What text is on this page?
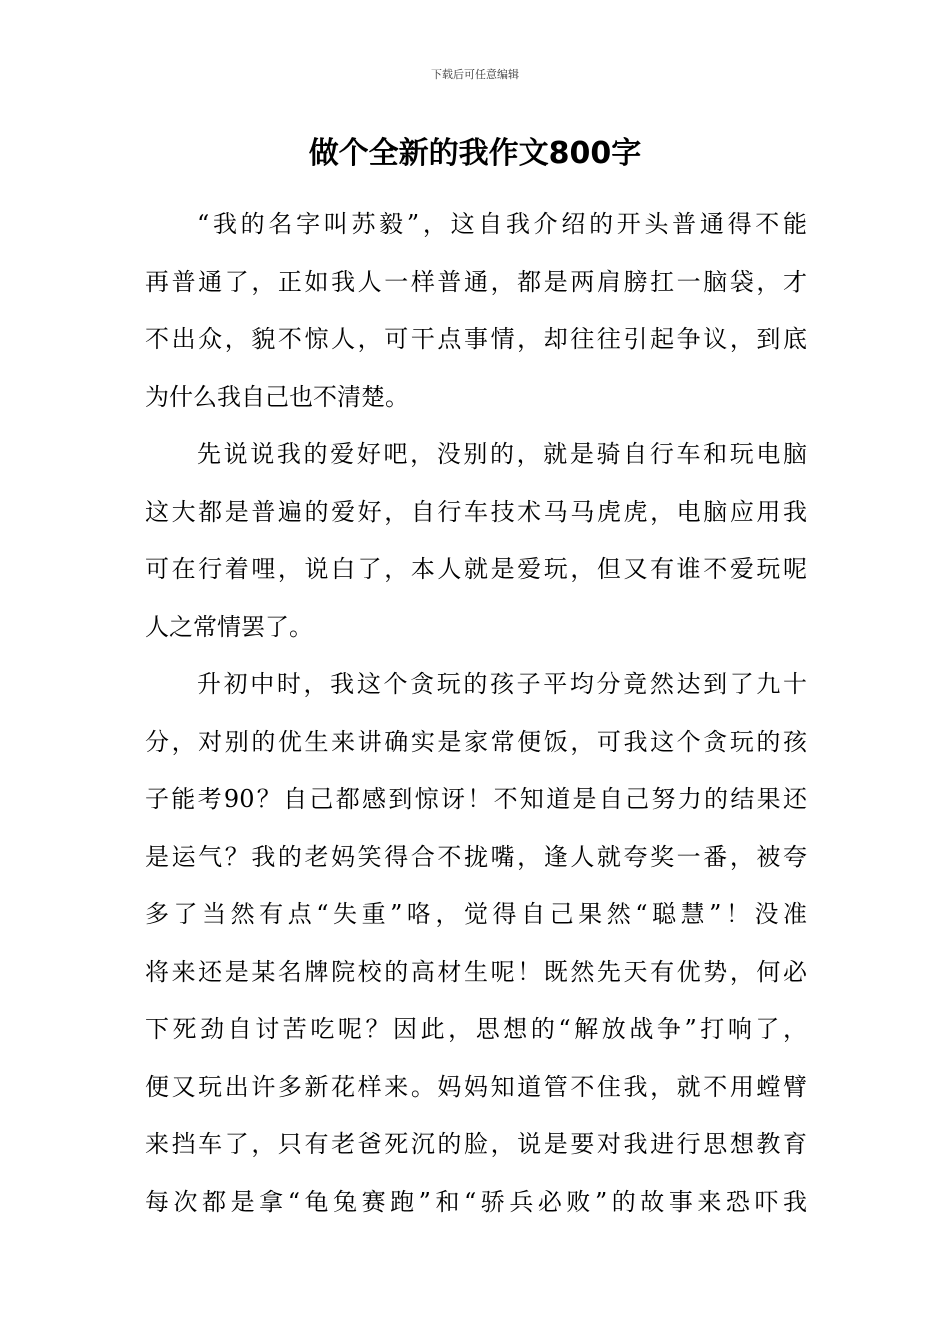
下载后可任意编辑
做个全新的我作文800字
“我的名字叫苏毅”，这自我介绍的开头普通得不能
再普通了，正如我人一样普通，都是两肩膀扛一脑袋，才
不出众，貌不惊人，可干点事情，却往往引起争议，到底
为什么我自己也不清楚。
先说说我的爱好吧，没别的，就是骑自行车和玩电脑
这大都是普遍的爱好，自行车技术马马虎虎，电脑应用我
可在行着哩，说白了，本人就是爱玩，但又有谁不爱玩呢
人之常情罢了。
升初中时，我这个贪玩的孩子平均分竟然达到了九十
分，对别的优生来讲确实是家常便饭，可我这个贪玩的孩
子能考90？自己都感到惊讶！不知道是自己努力的结果还
是运气？我的老妈笑得合不拢嘴，逢人就夸奖一番，被夸
多了当然有点“失重”咯，觉得自己果然“聪慧”！没准
将来还是某名牌院校的高材生呢！既然先天有优势，何必
下死劲自讨苦吃呢？因此，思想的“解放战争”打响了，
便又玩出许多新花样来。妈妈知道管不住我，就不用螳臂
来挡车了，只有老爸死沉的脸，说是要对我进行思想教育
每次都是拿“龟兔赛跑”和“骄兵必败”的故事来恐吓我
